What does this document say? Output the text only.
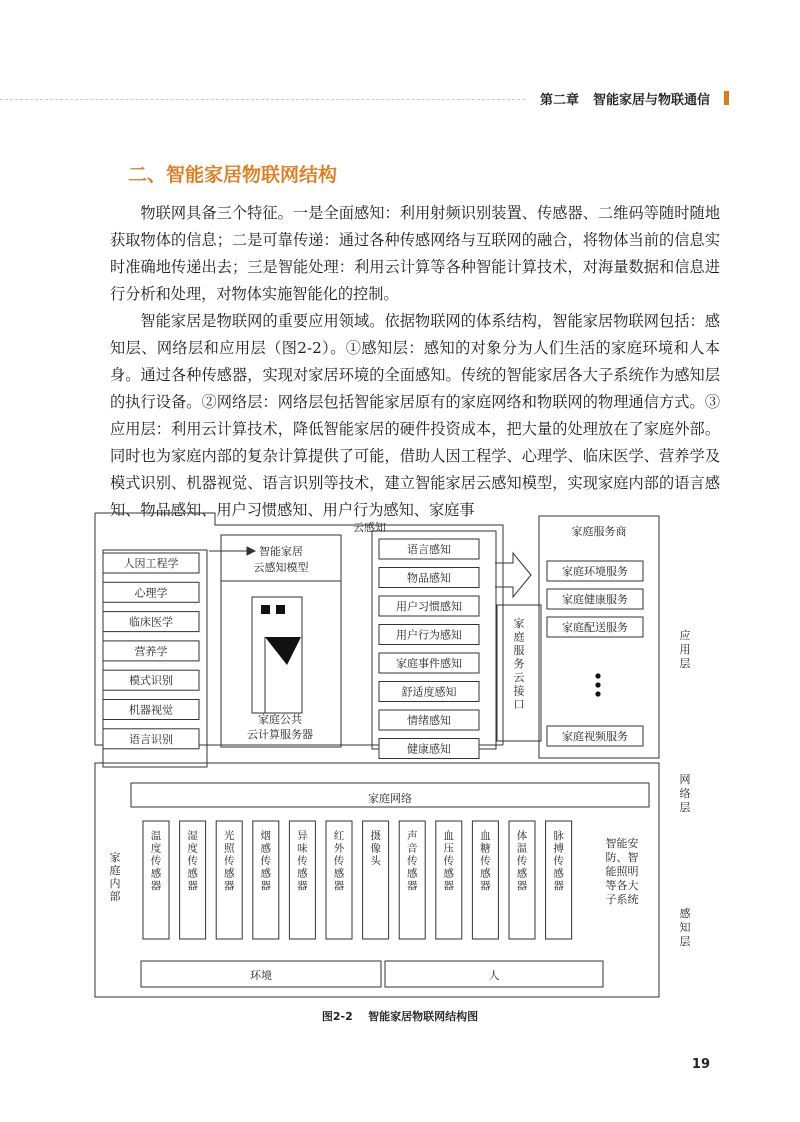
第二章 智能家居与物联通信
二、智能家居物联网结构

物联网具备三个特征。一是全面感知：利用射频识别装置、传感器、二维码等随时随地获取物体的信息；二是可靠传递：通过各种传感网络与互联网的融合，将物体当前的信息实时准确地传递出去；三是智能处理：利用云计算等各种智能计算技术，对海量数据和信息进行分析和处理，对物体实施智能化的控制。

智能家居是物联网的重要应用领域。依据物联网的体系结构，智能家居物联网包括：感知层、网络层和应用层（图2-2）。①感知层：感知的对象分为人们生活的家庭环境和人本身。通过各种传感器，实现对家居环境的全面感知。传统的智能家居各大子系统作为感知层的执行设备。②网络层：网络层包括智能家居原有的家庭网络和物联网的物理通信方式。③应用层：利用云计算技术，降低智能家居的硬件投资成本，把大量的处理放在了家庭外部。同时也为家庭内部的复杂计算提供了可能，借助人因工程学、心理学、临床医学、营养学及模式识别、机器视觉、语言识别等技术，建立智能家居云感知模型，实现家庭内部的语言感知、物品感知、用户习惯感知、用户行为感知、家庭事

云感知
智能家居
云感知模型
家庭公共
云计算服务器
家庭服务商
家庭网络
环境	人
人因工程学
心理学
临床医学
营养学
模式识别
机器视觉
语言识别
语言感知
物品感知
用户习惯感知
用户行为感知
家庭事件感知
舒适度感知
情绪感知
健康感知
家庭环境服务
家庭健康服务
家庭配送服务
家庭视频服务
温度传感器
湿度传感器
光照传感器
烟感传感器
异味传感器
红外传感器
摄像头
声音传感器
血压传感器
血糖传感器
体温传感器
脉搏传感器
家庭服务云接口
应用层
网络层
感知层
家庭内部
智能安
防、智
能照明
等各大
子系统
图2-2 智能家居物联网结构图
19
